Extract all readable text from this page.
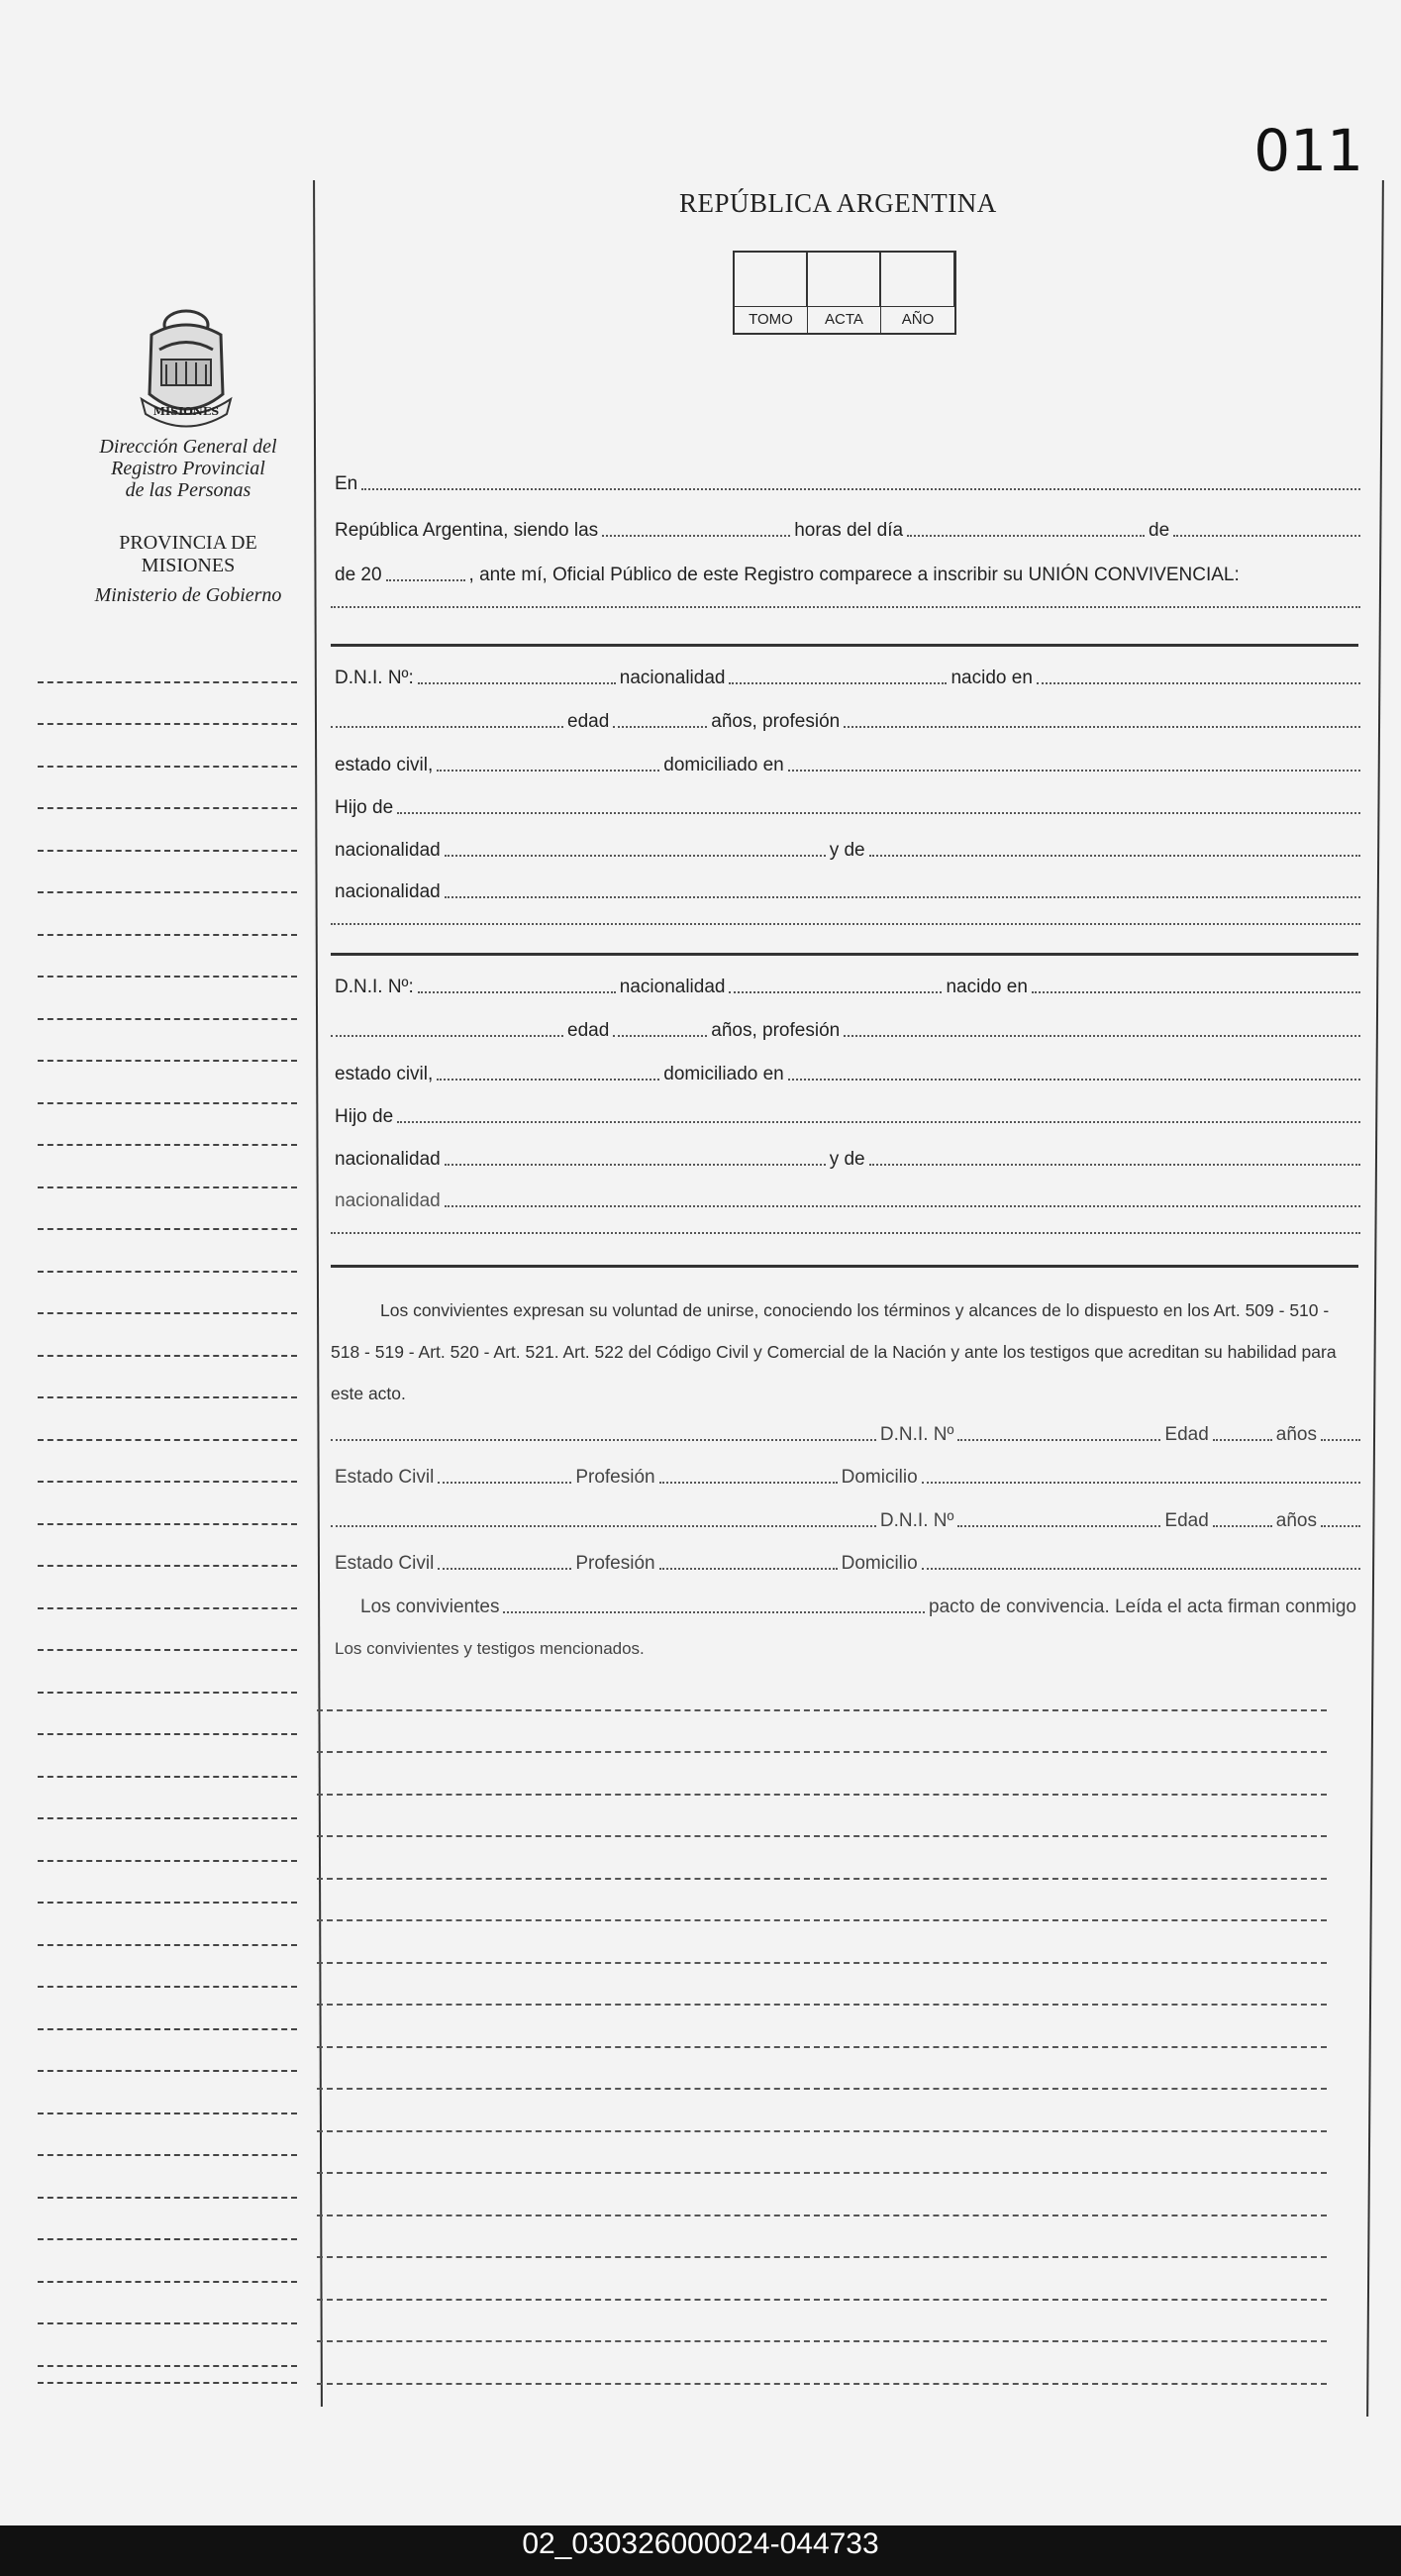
011
REPÚBLICA ARGENTINA
TOMO	ACTA	AÑO
MISIONES
Dirección General del
Registro Provincial
de las Personas
PROVINCIA DE
MISIONES
Ministerio de Gobierno
En
República Argentina, siendo las	horas del día	de
de 20	, ante mí, Oficial Público de este Registro comparece a inscribir su UNIÓN CONVIVENCIAL:
D.N.I. Nº:	nacionalidad	nacido en
edad	años, profesión
estado civil,	domiciliado en
Hijo de
nacionalidad	y de
nacionalidad
D.N.I. Nº:	nacionalidad	nacido en
edad	años, profesión
estado civil,	domiciliado en
Hijo de
nacionalidad	y de
nacionalidad
Los convivientes expresan su voluntad de unirse, conociendo los términos y alcances de lo dispuesto en los Art. 509 - 510 - 518 - 519 - Art. 520 - Art. 521. Art. 522 del Código Civil y Comercial de la Nación y ante los testigos que acreditan su habilidad para este acto.
D.N.I. Nº	Edad	años
Estado Civil	Profesión	Domicilio
D.N.I. Nº	Edad	años
Estado Civil	Profesión	Domicilio
Los convivientes	pacto de convivencia. Leída el acta firman conmigo
Los convivientes y testigos mencionados.
02_030326000024-044733
